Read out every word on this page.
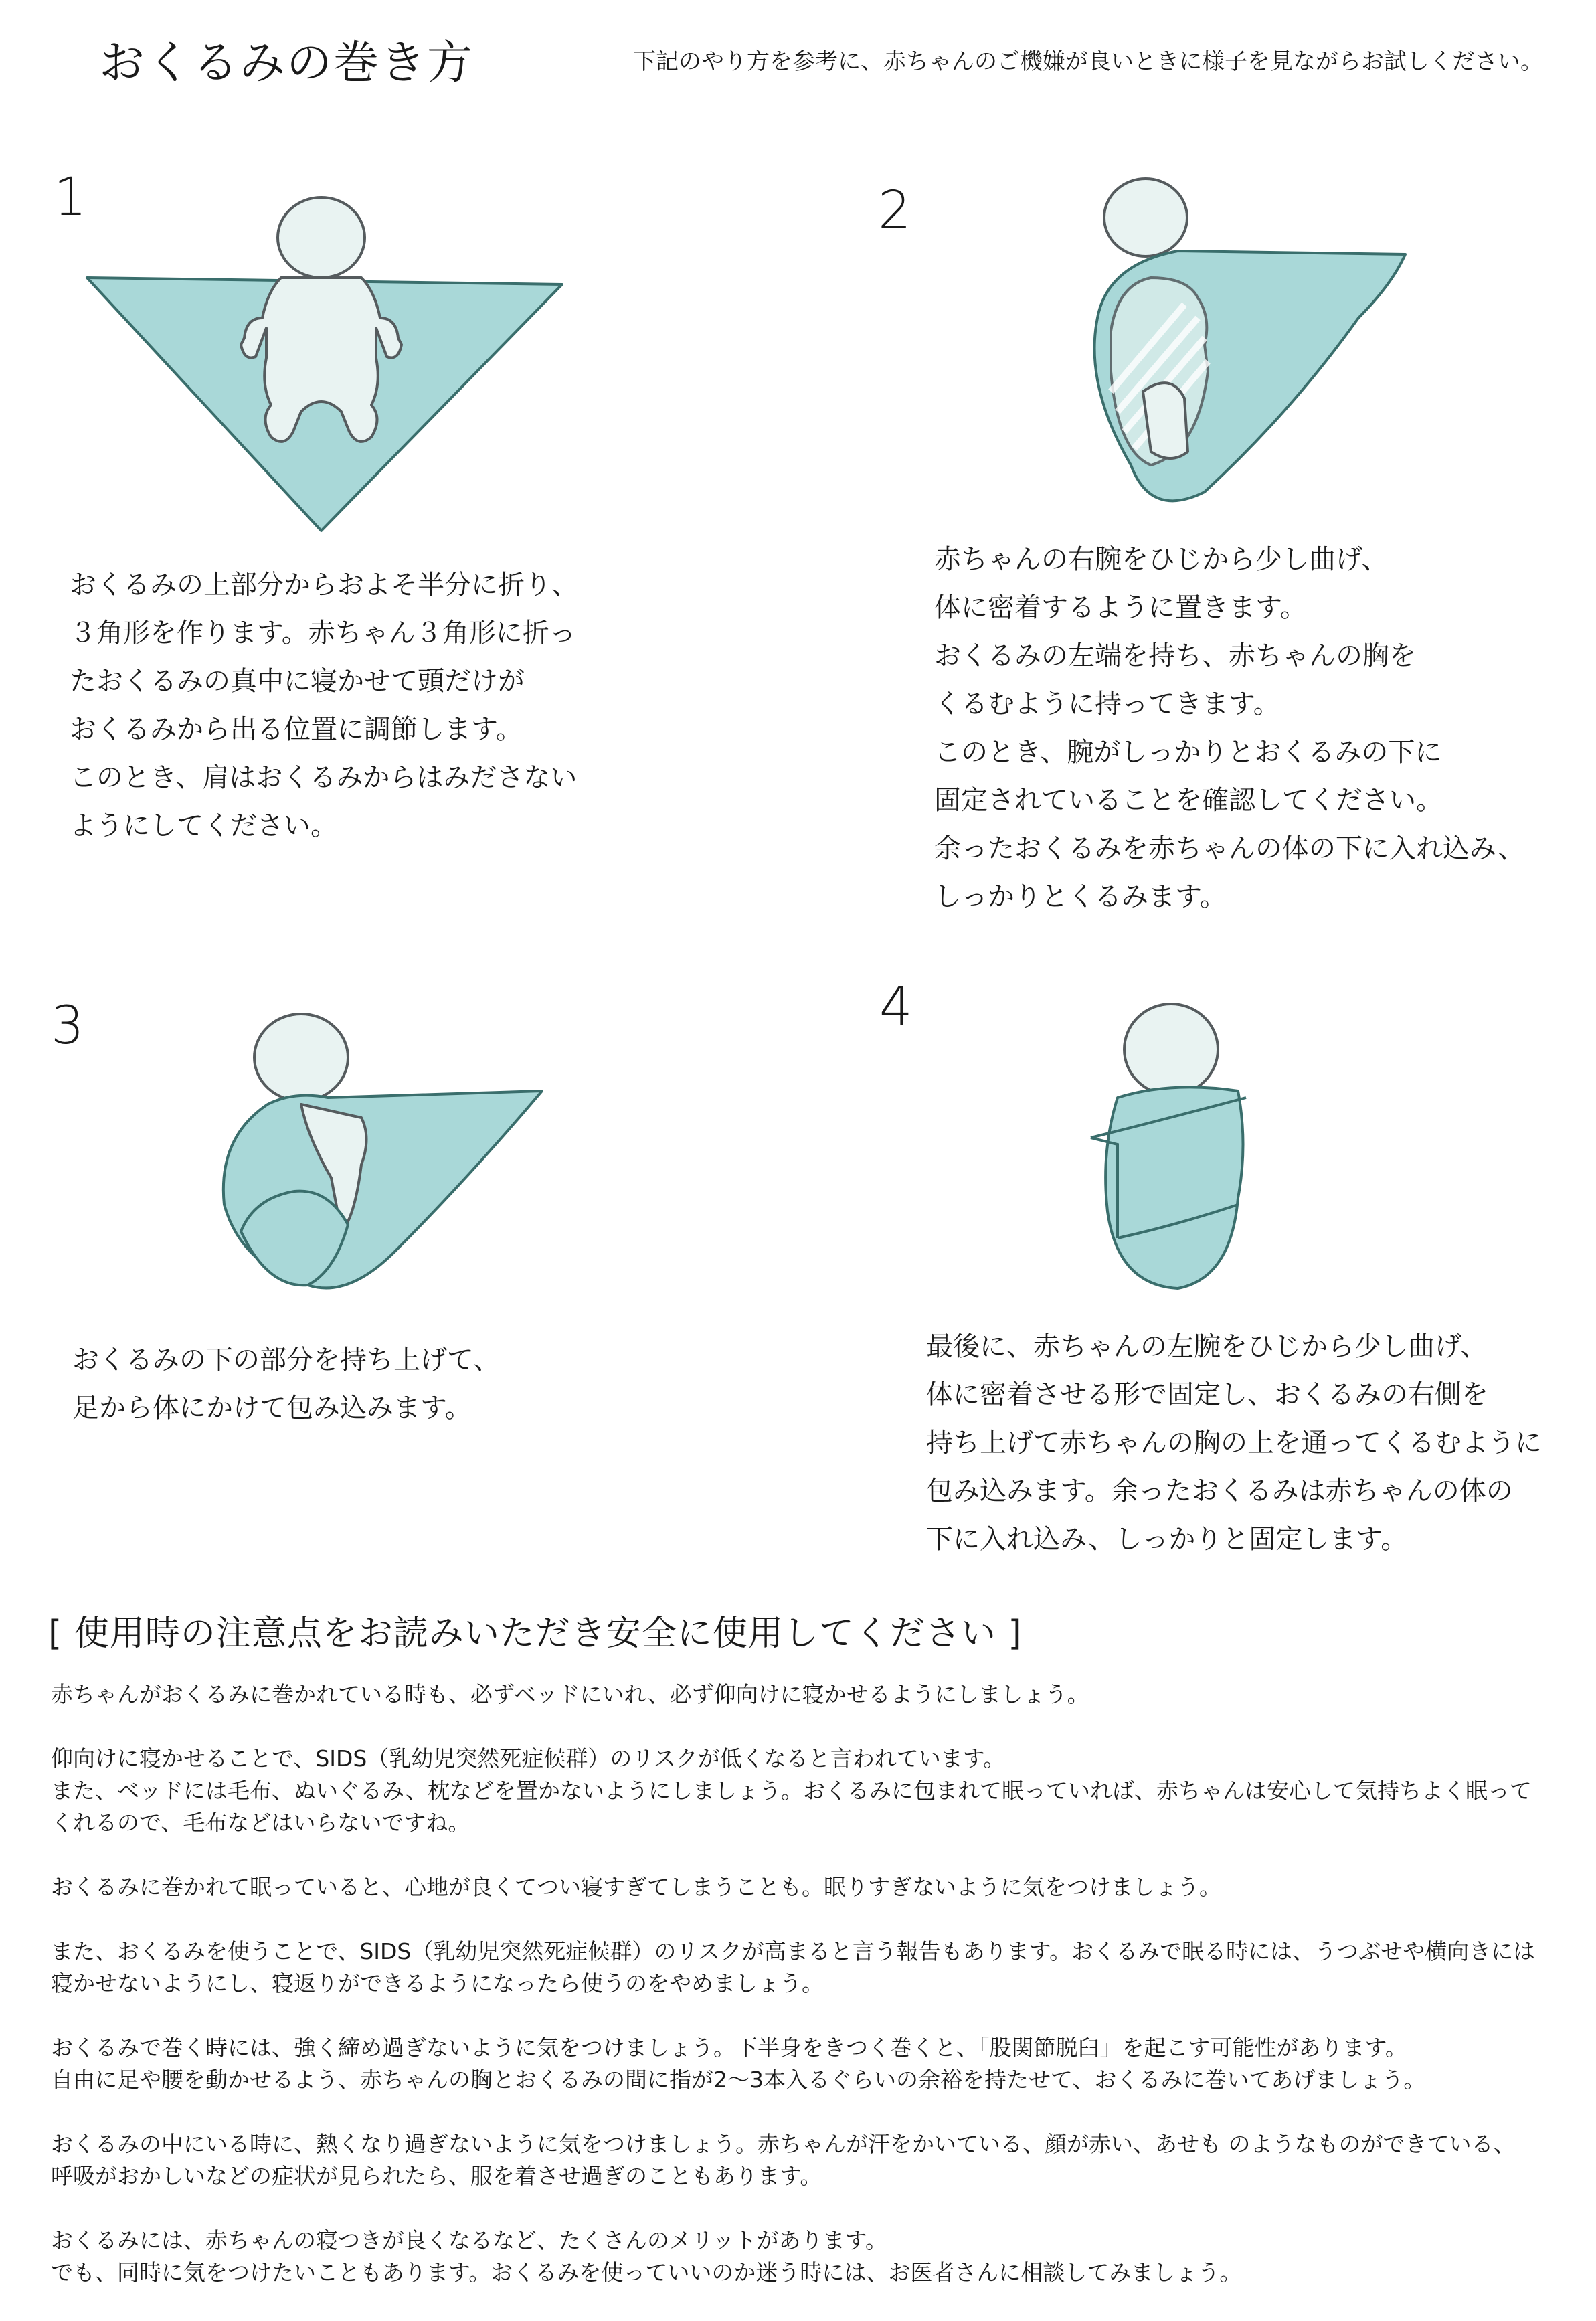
おくるみの巻き方	下記のやり方を参考に、赤ちゃんのご機嫌が良いときに様子を見ながらお試しください。
1
おくるみの上部分からおよそ半分に折り、
３角形を作ります。赤ちゃん３角形に折っ
たおくるみの真中に寝かせて頭だけが
おくるみから出る位置に調節します。
このとき、肩はおくるみからはみださない
ようにしてください。
2
赤ちゃんの右腕をひじから少し曲げ、
体に密着するように置きます。
おくるみの左端を持ち、赤ちゃんの胸を
くるむように持ってきます。
このとき、腕がしっかりとおくるみの下に
固定されていることを確認してください。
余ったおくるみを赤ちゃんの体の下に入れ込み、
しっかりとくるみます。
3
おくるみの下の部分を持ち上げて、
足から体にかけて包み込みます。
4
最後に、赤ちゃんの左腕をひじから少し曲げ、
体に密着させる形で固定し、おくるみの右側を
持ち上げて赤ちゃんの胸の上を通ってくるむように
包み込みます。余ったおくるみは赤ちゃんの体の
下に入れ込み、しっかりと固定します。
[ 使用時の注意点をお読みいただき安全に使用してください ]
赤ちゃんがおくるみに巻かれている時も、必ずベッドにいれ、必ず仰向けに寝かせるようにしましょう。
仰向けに寝かせることで、SIDS（乳幼児突然死症候群）のリスクが低くなると言われています。
また、ベッドには毛布、ぬいぐるみ、枕などを置かないようにしましょう。おくるみに包まれて眠っていれば、赤ちゃんは安心して気持ちよく眠って
くれるので、毛布などはいらないですね。
おくるみに巻かれて眠っていると、心地が良くてつい寝すぎてしまうことも。眠りすぎないように気をつけましょう。
また、おくるみを使うことで、SIDS（乳幼児突然死症候群）のリスクが高まると言う報告もあります。おくるみで眠る時には、うつぶせや横向きには
寝かせないようにし、寝返りができるようになったら使うのをやめましょう。
おくるみで巻く時には、強く締め過ぎないように気をつけましょう。下半身をきつく巻くと、「股関節脱臼」を起こす可能性があります。
自由に足や腰を動かせるよう、赤ちゃんの胸とおくるみの間に指が2〜3本入るぐらいの余裕を持たせて、おくるみに巻いてあげましょう。
おくるみの中にいる時に、熱くなり過ぎないように気をつけましょう。赤ちゃんが汗をかいている、顔が赤い、あせも のようなものができている、
呼吸がおかしいなどの症状が見られたら、服を着させ過ぎのこともあります。
おくるみには、赤ちゃんの寝つきが良くなるなど、たくさんのメリットがあります。
でも、同時に気をつけたいこともあります。おくるみを使っていいのか迷う時には、お医者さんに相談してみましょう。
